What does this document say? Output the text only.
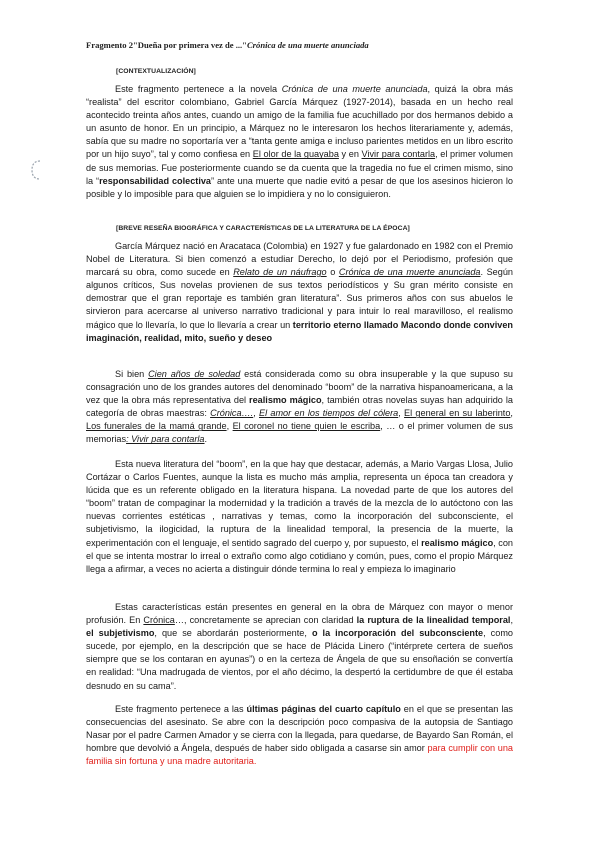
Fragmento 2"Dueña por primera vez de ..."Crónica de una muerte anunciada
[CONTEXTUALIZACIÓN]

Este fragmento pertenece a la novela Crónica de una muerte anunciada, quizá la obra más “realista” del escritor colombiano, Gabriel García Márquez (1927-2014), basada en un hecho real acontecido treinta años antes, cuando un amigo de la familia fue acuchillado por dos hermanos debido a un asunto de honor. En un principio, a Márquez no le interesaron los hechos literariamente y, además, sabía que su madre no soportaría ver a “tanta gente amiga e incluso parientes metidos en un libro escrito por un hijo suyo”, tal y como confiesa en El olor de la guayaba y en Vivir para contarla, el primer volumen de sus memorias. Fue posteriormente cuando se da cuenta que la tragedia no fue el crimen mismo, sino la “responsabilidad colectiva” ante una muerte que nadie evitó a pesar de que los asesinos hicieron lo posible y lo imposible para que alguien se lo impidiera y no lo consiguieron.

[BREVE RESEÑA BIOGRÁFICA Y CARACTERÍSTICAS DE LA LITERATURA DE LA ÉPOCA]

García Márquez nació en Aracataca (Colombia) en 1927 y fue galardonado en 1982 con el Premio Nobel de Literatura. Si bien comenzó a estudiar Derecho, lo dejó por el Periodismo, profesión que marcará su obra, como sucede en Relato de un náufrago o Crónica de una muerte anunciada. Según algunos críticos, Sus novelas provienen de sus textos periodísticos y Su gran mérito consiste en demostrar que el gran reportaje es también gran literatura”. Sus primeros años con sus abuelos le sirvieron para acercarse al universo narrativo tradicional y para intuir lo real maravilloso, el realismo mágico que lo llevaría, lo que lo llevaría a crear un territorio eterno llamado Macondo donde conviven imaginación, realidad, mito, sueño y deseo

Si bien Cien años de soledad está considerada como su obra insuperable y la que supuso su consagración uno de los grandes autores del denominado “boom” de la narrativa hispanoamericana, a la vez que la obra más representativa del realismo mágico, también otras novelas suyas han adquirido la categoría de obras maestras: Crónica…., El amor en los tiempos del cólera, El general en su laberinto, Los funerales de la mamá grande, El coronel no tiene quien le escriba, … o el primer volumen de sus memorias: Vivir para contarla.

Esta nueva literatura del “boom”, en la que hay que destacar, además, a Mario Vargas Llosa, Julio Cortázar o Carlos Fuentes, aunque la lista es mucho más amplia, representa un época tan creadora y lúcida que es un referente obligado en la literatura hispana. La novedad parte de que los autores del “boom” tratan de compaginar la modernidad y la tradición a través de la mezcla de lo autóctono con las nuevas corrientes estéticas , narrativas y temas, como la incorporación del subconsciente, el subjetivismo, la ilogicidad, la ruptura de la linealidad temporal, la presencia de la muerte, la experimentación con el lenguaje, el sentido sagrado del cuerpo y, por supuesto, el realismo mágico, con el que se intenta mostrar lo irreal o extraño como algo cotidiano y común, pues, como el propio Márquez llega a afirmar, a veces no acierta a distinguir dónde termina lo real y empieza lo imaginario

Estas características están presentes en general en la obra de Márquez con mayor o menor profusión. En Crónica…, concretamente se aprecian con claridad la ruptura de la linealidad temporal, el subjetivismo, que se abordarán posteriormente, o la incorporación del subconsciente, como sucede, por ejemplo, en la descripción que se hace de Plácida Linero (“intérprete certera de sueños siempre que se los contaran en ayunas”) o en la certeza de Ángela de que su ensoñación se convertía en realidad: “Una madrugada de vientos, por el año décimo, la despertó la certidumbre de que él estaba desnudo en su cama”.

Este fragmento pertenece a las últimas páginas del cuarto capítulo en el que se presentan las consecuencias del asesinato. Se abre con la descripción poco compasiva de la autopsia de Santiago Nasar por el padre Carmen Amador y se cierra con la llegada, para quedarse, de Bayardo San Román, el hombre que devolvió a Ángela, después de haber sido obligada a casarse sin amor para cumplir con una familia sin fortuna y una madre autoritaria.
